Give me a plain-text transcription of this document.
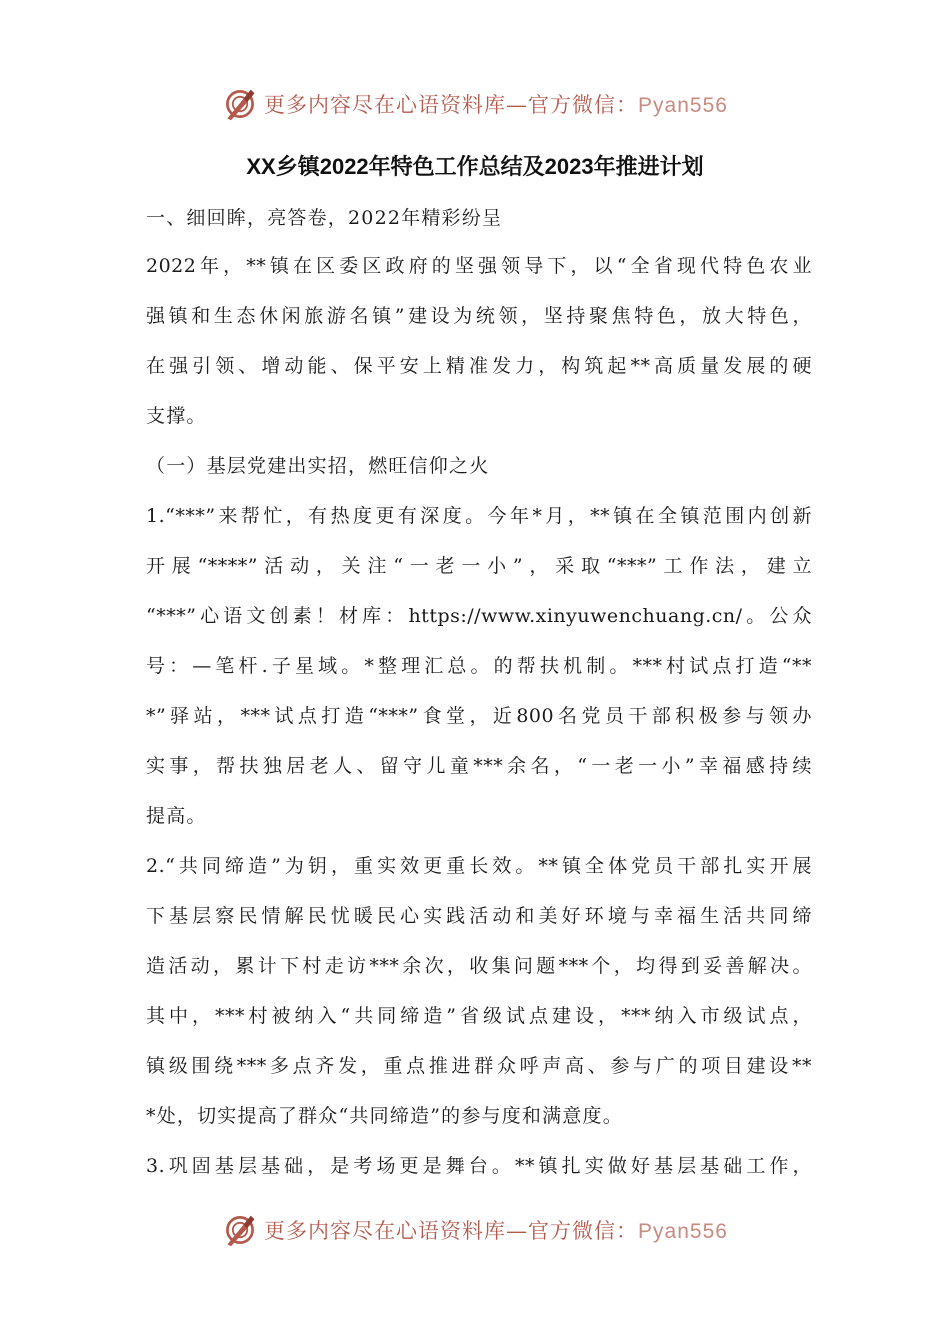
更多内容尽在心语资料库—官方微信：Pyan556
XX乡镇2022年特色工作总结及2023年推进计划
一、细回眸，亮答卷，2022年精彩纷呈
2022年，**镇在区委区政府的坚强领导下，以“全省现代特色农业
强镇和生态休闲旅游名镇”建设为统领，坚持聚焦特色，放大特色，
在强引领、增动能、保平安上精准发力，构筑起**高质量发展的硬
支撑。
（一）基层党建出实招，燃旺信仰之火
1.“***”来帮忙，有热度更有深度。今年*月，**镇在全镇范围内创新
开展“****”活动，关注“一老一小”，采取“***”工作法，建立
“***”心语文创素！材库：https://www.xinyuwenchuang.cn/。公众
号：—笔杆.子星域。*整理汇总。的帮扶机制。***村试点打造“**
*”驿站，***试点打造“***”食堂，近800名党员干部积极参与领办
实事，帮扶独居老人、留守儿童***余名，“一老一小”幸福感持续
提高。
2.“共同缔造”为钥，重实效更重长效。**镇全体党员干部扎实开展
下基层察民情解民忧暖民心实践活动和美好环境与幸福生活共同缔
造活动，累计下村走访***余次，收集问题***个，均得到妥善解决。
其中，***村被纳入“共同缔造”省级试点建设，***纳入市级试点，
镇级围绕***多点齐发，重点推进群众呼声高、参与广的项目建设**
*处，切实提高了群众“共同缔造”的参与度和满意度。
3.巩固基层基础，是考场更是舞台。**镇扎实做好基层基础工作，
更多内容尽在心语资料库—官方微信：Pyan556
